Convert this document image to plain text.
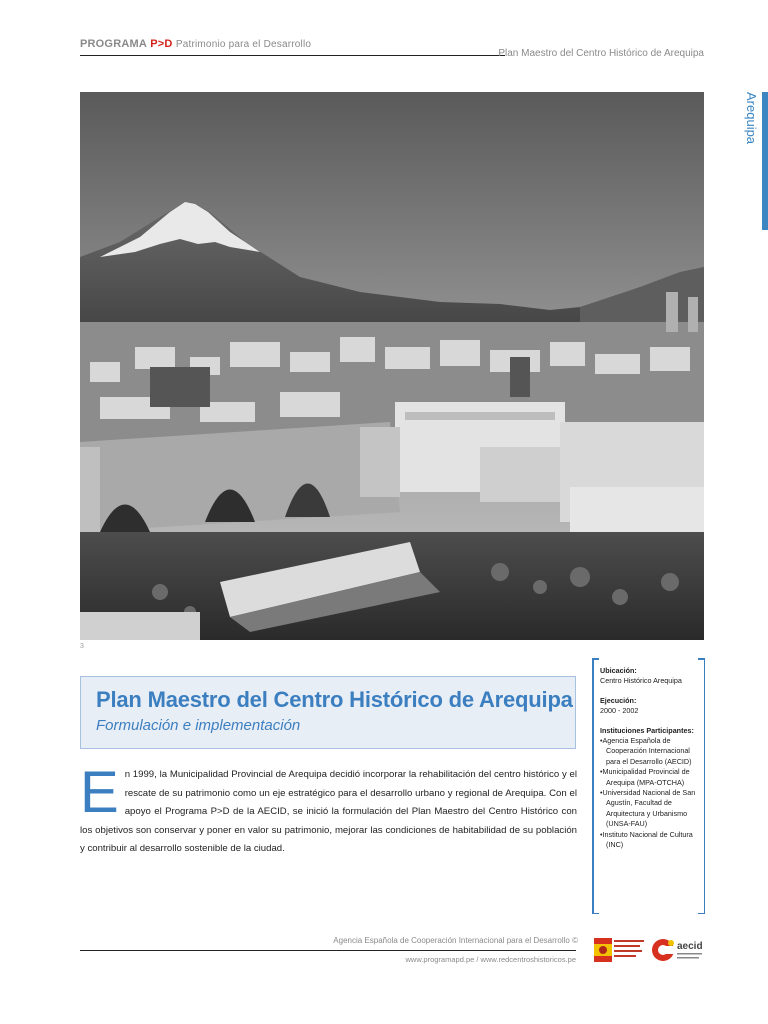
PROGRAMA P>D Patrimonio para el Desarrollo
Plan Maestro del Centro Histórico de Arequipa
Arequipa
3
Plan Maestro del Centro Histórico de Arequipa
Formulación e implementación
E n 1999, la Municipalidad Provincial de Arequipa decidió incorporar la rehabilitación del centro histórico y el rescate de su patrimonio como un eje estratégico para el desarrollo urbano y regional de Arequipa. Con el apoyo el Programa P>D de la AECID, se inició la formulación del Plan Maestro del Centro Histórico con los objetivos son conservar y poner en valor su patrimonio, mejorar las condiciones de habitabilidad de su población y contribuir al desarrollo sostenible de la ciudad.
Ubicación:
Centro Histórico Arequipa
Ejecución:
2000 - 2002
Instituciones Participantes:
•Agencia Española de Cooperación Internacional para el Desarrollo (AECID)
•Municipalidad Provincial de Arequipa (MPA-OTCHA)
•Universidad Nacional de San Agustín, Facultad de Arquitectura y Urbanismo (UNSA-FAU)
•Instituto Nacional de Cultura (INC)
Agencia Española de Cooperación Internacional para el Desarrollo ©
www.programapd.pe / www.redcentroshistoricos.pe
aecid
